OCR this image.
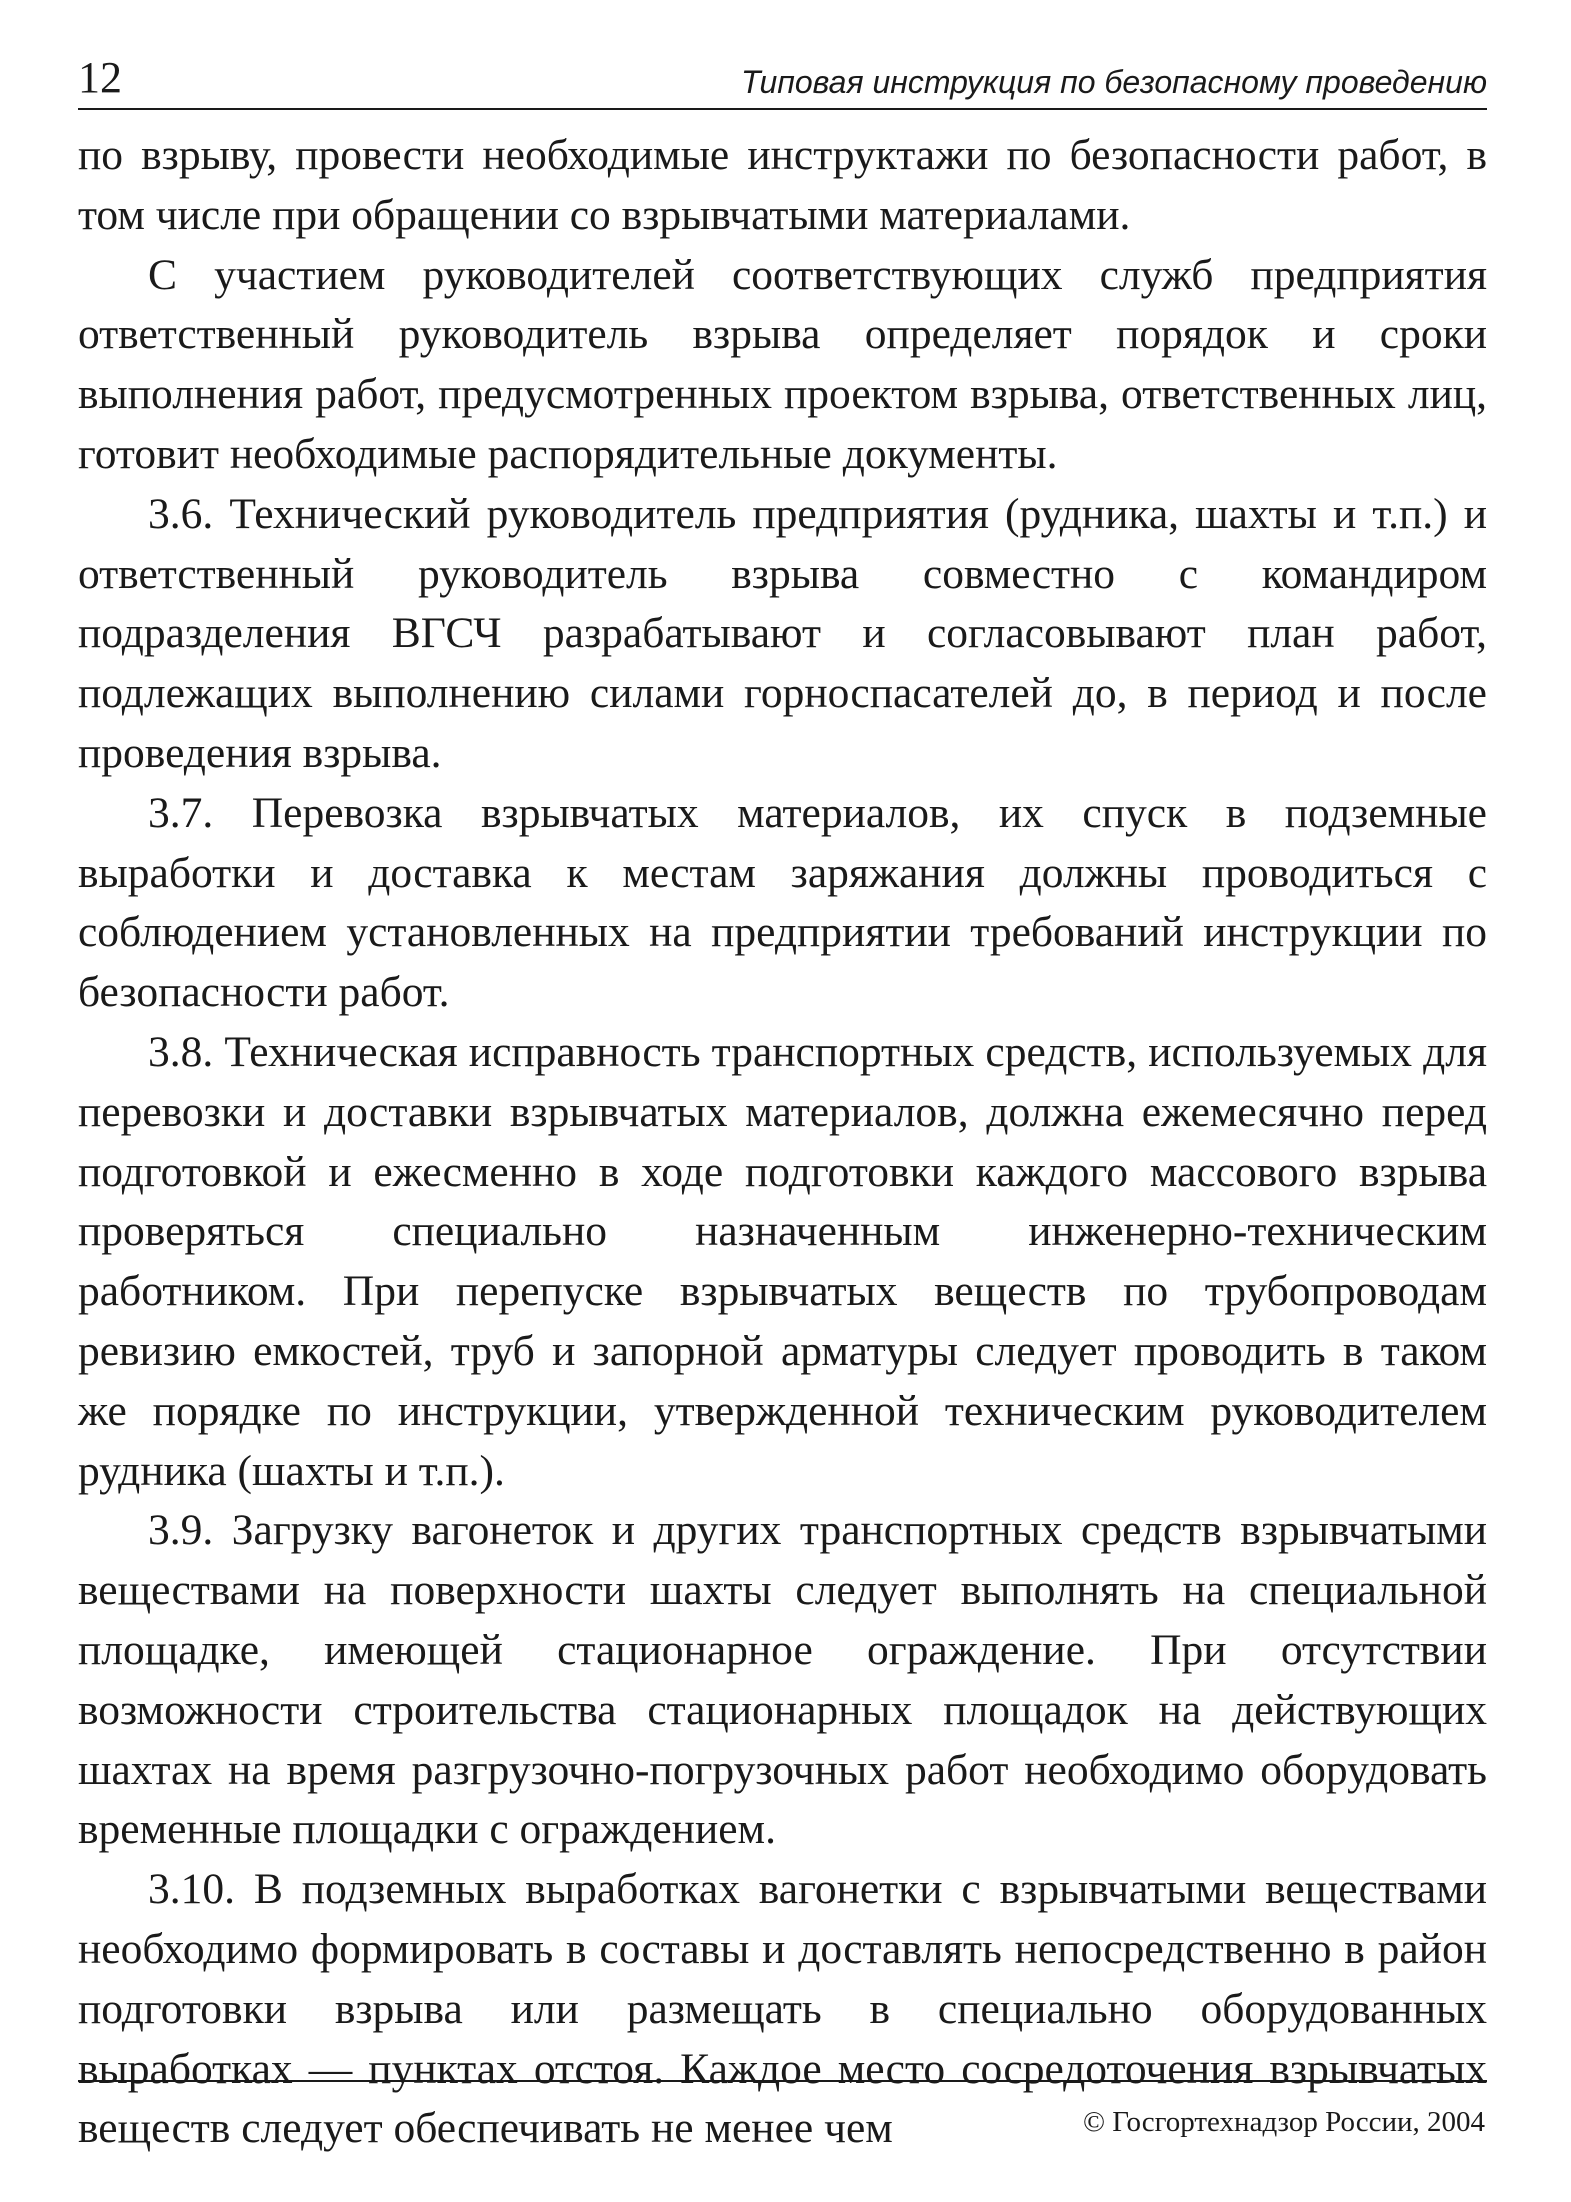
12	Типовая инструкция по безопасному проведению

по взрыву, провести необходимые инструктажи по безопасности работ, в том числе при обращении со взрывчатыми материалами.

С участием руководителей соответствующих служб предприятия ответственный руководитель взрыва определяет порядок и сроки выполнения работ, предусмотренных проектом взрыва, ответственных лиц, готовит необходимые распорядительные документы.

3.6. Технический руководитель предприятия (рудника, шахты и т.п.) и ответственный руководитель взрыва совместно с командиром подразделения ВГСЧ разрабатывают и согласовывают план работ, подлежащих выполнению силами горноспасателей до, в период и после проведения взрыва.

3.7. Перевозка взрывчатых материалов, их спуск в подземные выработки и доставка к местам заряжания должны проводиться с соблюдением установленных на предприятии требований инструкции по безопасности работ.

3.8. Техническая исправность транспортных средств, используемых для перевозки и доставки взрывчатых материалов, должна ежемесячно перед подготовкой и ежесменно в ходе подготовки каждого массового взрыва проверяться специально назначенным инженерно-техническим работником. При перепуске взрывчатых веществ по трубопроводам ревизию емкостей, труб и запорной арматуры следует проводить в таком же порядке по инструкции, утвержденной техническим руководителем рудника (шахты и т.п.).

3.9. Загрузку вагонеток и других транспортных средств взрывчатыми веществами на поверхности шахты следует выполнять на специальной площадке, имеющей стационарное ограждение. При отсутствии возможности строительства стационарных площадок на действующих шахтах на время разгрузочно-погрузочных работ необходимо оборудовать временные площадки с ограждением.

3.10. В подземных выработках вагонетки с взрывчатыми веществами необходимо формировать в составы и доставлять непосредственно в район подготовки взрыва или размещать в специально оборудованных выработках — пунктах отстоя. Каждое место сосредоточения взрывчатых веществ следует обеспечивать не менее чем	© Госгортехнадзор России, 2004
